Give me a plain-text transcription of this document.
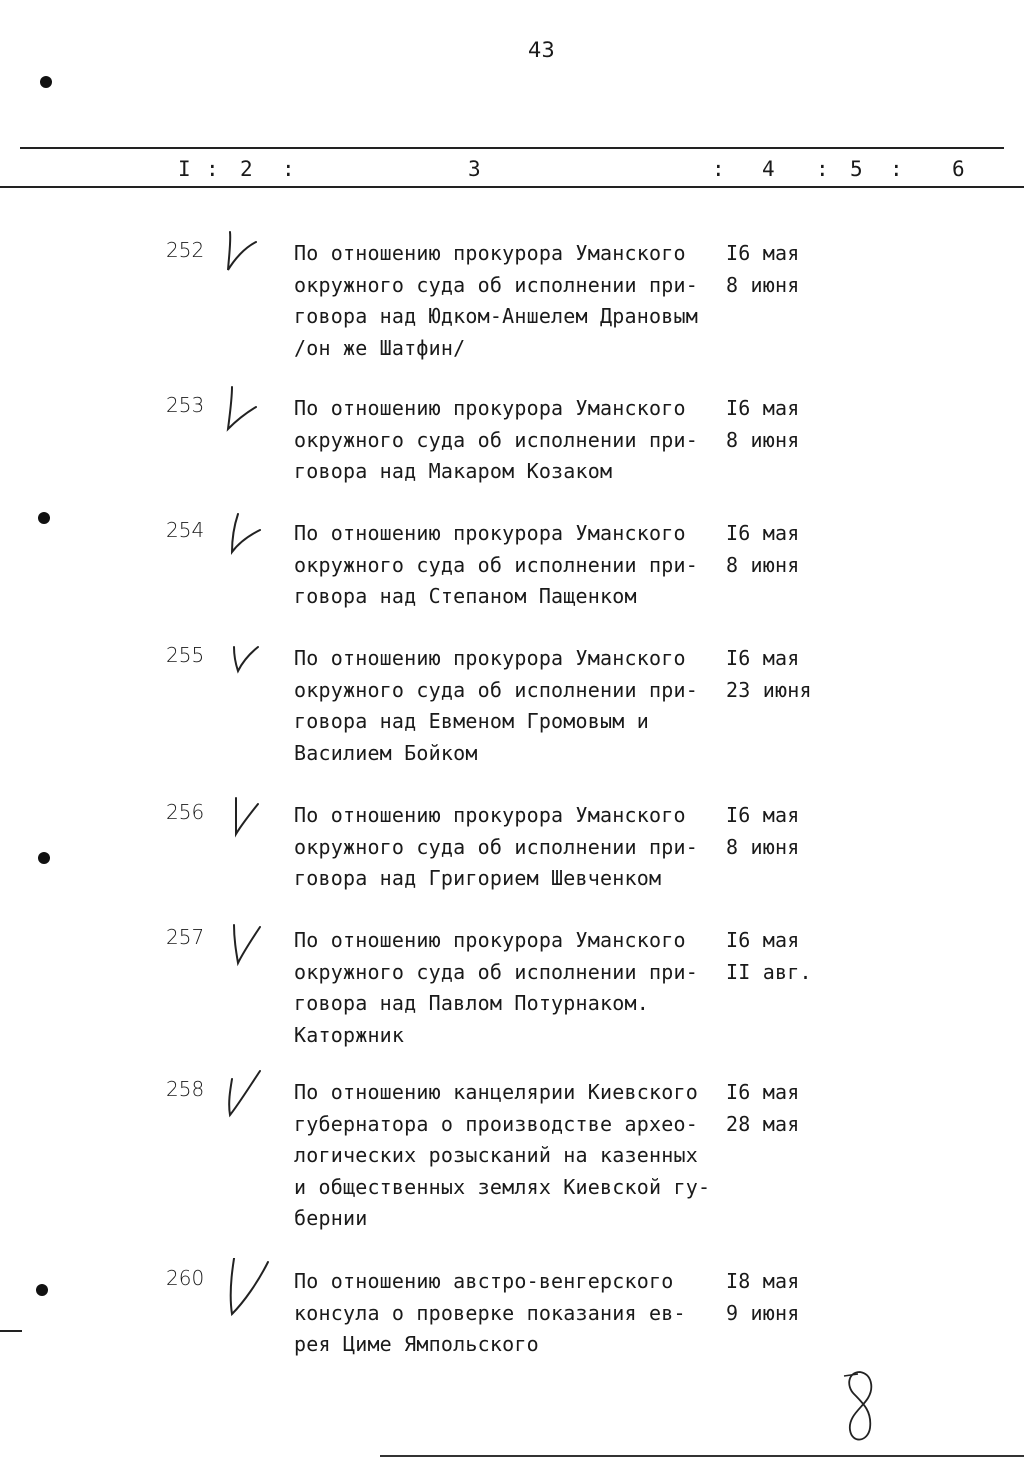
43
I : 2 :	3	: 4 : 5 : 6
252	По отношению прокурора Уманского
окружного суда об исполнении при-
говора над Юдком-Аншелем Драновым
/он же Шатфин/
I6 мая
8 июня
253	По отношению прокурора Уманского
окружного суда об исполнении при-
говора над Макаром Козаком
I6 мая
8 июня
254	По отношению прокурора Уманского
окружного суда об исполнении при-
говора над Степаном Пащенком
I6 мая
8 июня
255	По отношению прокурора Уманского
окружного суда об исполнении при-
говора над Евменом Громовым и
Василием Бойком
I6 мая
23 июня
256	По отношению прокурора Уманского
окружного суда об исполнении при-
говора над Григорием Шевченком
I6 мая
8 июня
257	По отношению прокурора Уманского
окружного суда об исполнении при-
говора над Павлом Потурнаком.
Каторжник
I6 мая
II авг.
258	По отношению канцелярии Киевского
губернатора о производстве архео-
логических розысканий на казенных
и общественных землях Киевской гу-
бернии
I6 мая
28 мая
260	По отношению австро-венгерского
консула о проверке показания ев-
рея Циме Ямпольского
I8 мая
9 июня
